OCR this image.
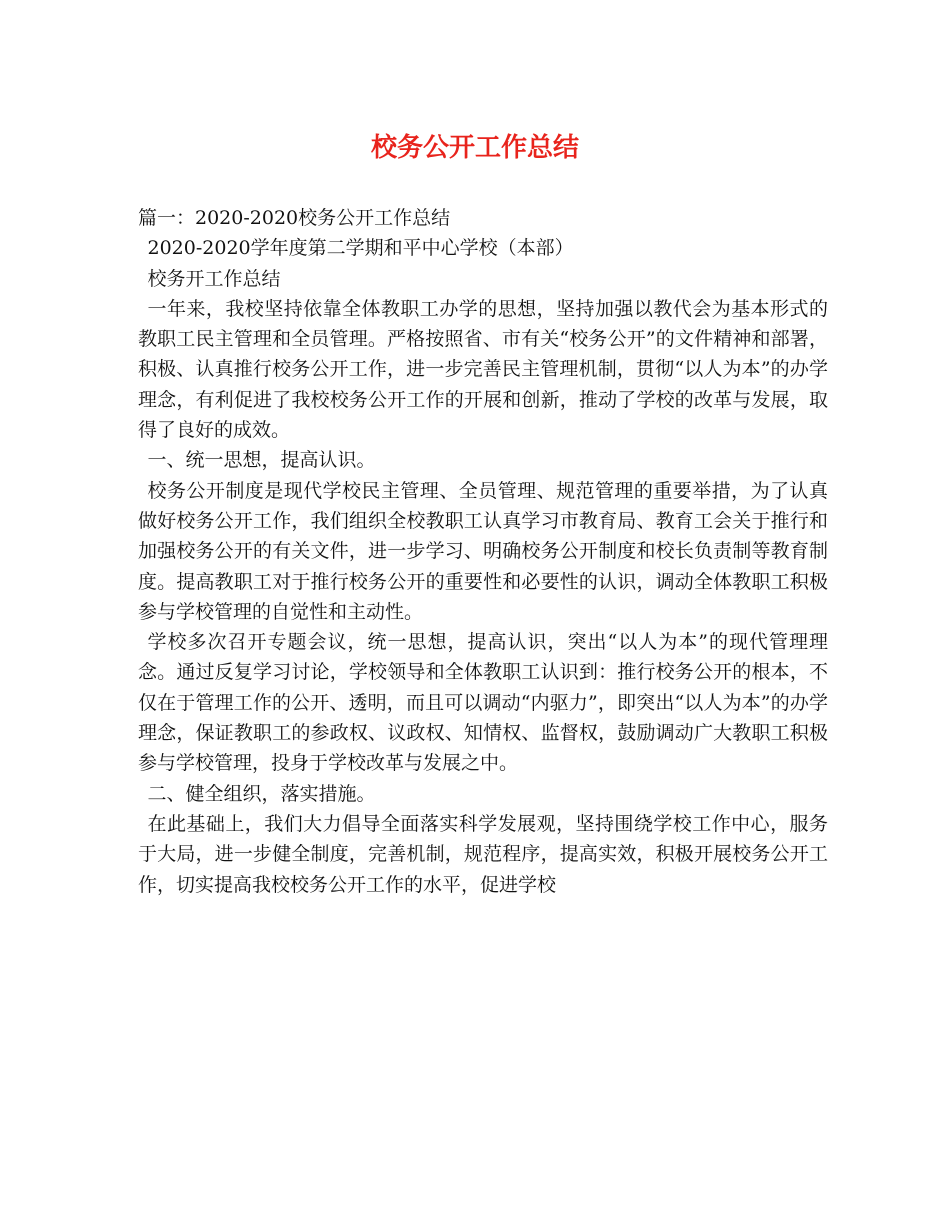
校务公开工作总结

篇一：2020-2020校务公开工作总结

2020-2020学年度第二学期和平中心学校（本部）

校务开工作总结

一年来，我校坚持依靠全体教职工办学的思想，坚持加强以教代会为基本形式的教职工民主管理和全员管理。严格按照省、市有关“校务公开”的文件精神和部署，积极、认真推行校务公开工作，进一步完善民主管理机制，贯彻“以人为本”的办学理念，有利促进了我校校务公开工作的开展和创新，推动了学校的改革与发展，取得了良好的成效。

一、统一思想，提高认识。

校务公开制度是现代学校民主管理、全员管理、规范管理的重要举措，为了认真做好校务公开工作，我们组织全校教职工认真学习市教育局、教育工会关于推行和加强校务公开的有关文件，进一步学习、明确校务公开制度和校长负责制等教育制度。提高教职工对于推行校务公开的重要性和必要性的认识，调动全体教职工积极参与学校管理的自觉性和主动性。

学校多次召开专题会议，统一思想，提高认识，突出“以人为本”的现代管理理念。通过反复学习讨论，学校领导和全体教职工认识到：推行校务公开的根本，不仅在于管理工作的公开、透明，而且可以调动“内驱力”，即突出“以人为本”的办学理念，保证教职工的参政权、议政权、知情权、监督权，鼓励调动广大教职工积极参与学校管理，投身于学校改革与发展之中。

二、健全组织，落实措施。

在此基础上，我们大力倡导全面落实科学发展观，坚持围绕学校工作中心，服务于大局，进一步健全制度，完善机制，规范程序，提高实效，积极开展校务公开工作，切实提高我校校务公开工作的水平，促进学校
